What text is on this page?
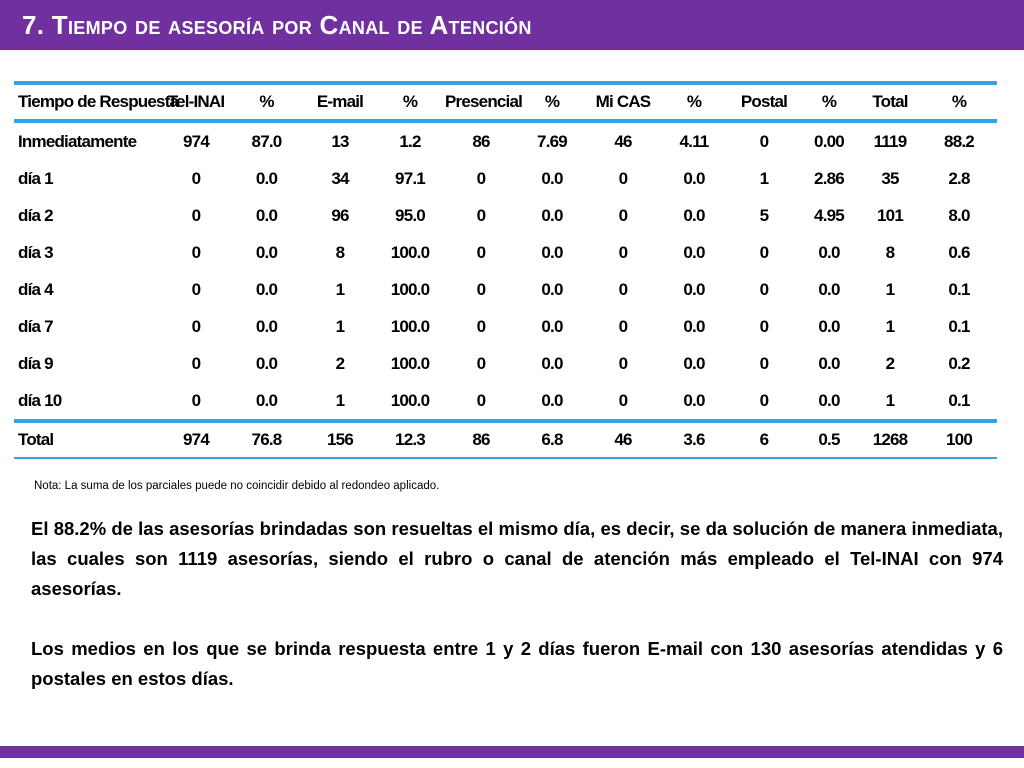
7. Tiempo de asesoría por Canal de Atención
Tiempo de Respuesta	Tel-INAI	%	E-mail	%	Presencial	%	Mi CAS	%	Postal	%	Total	%
Inmediatamente	974	87.0	13	1.2	86	7.69	46	4.11	0	0.00	1119	88.2
día 1	0	0.0	34	97.1	0	0.0	0	0.0	1	2.86	35	2.8
día 2	0	0.0	96	95.0	0	0.0	0	0.0	5	4.95	101	8.0
día 3	0	0.0	8	100.0	0	0.0	0	0.0	0	0.0	8	0.6
día 4	0	0.0	1	100.0	0	0.0	0	0.0	0	0.0	1	0.1
día 7	0	0.0	1	100.0	0	0.0	0	0.0	0	0.0	1	0.1
día 9	0	0.0	2	100.0	0	0.0	0	0.0	0	0.0	2	0.2
día 10	0	0.0	1	100.0	0	0.0	0	0.0	0	0.0	1	0.1
Total	974	76.8	156	12.3	86	6.8	46	3.6	6	0.5	1268	100
Nota: La suma de los parciales puede no coincidir debido al redondeo aplicado.

El 88.2% de las asesorías brindadas son resueltas el mismo día, es decir, se da solución de manera inmediata, las cuales son 1119 asesorías, siendo el rubro o canal de atención más empleado el Tel-INAI con 974 asesorías.

Los medios en los que se brinda respuesta entre 1 y 2 días fueron E-mail con 130 asesorías atendidas y 6 postales en estos días.
